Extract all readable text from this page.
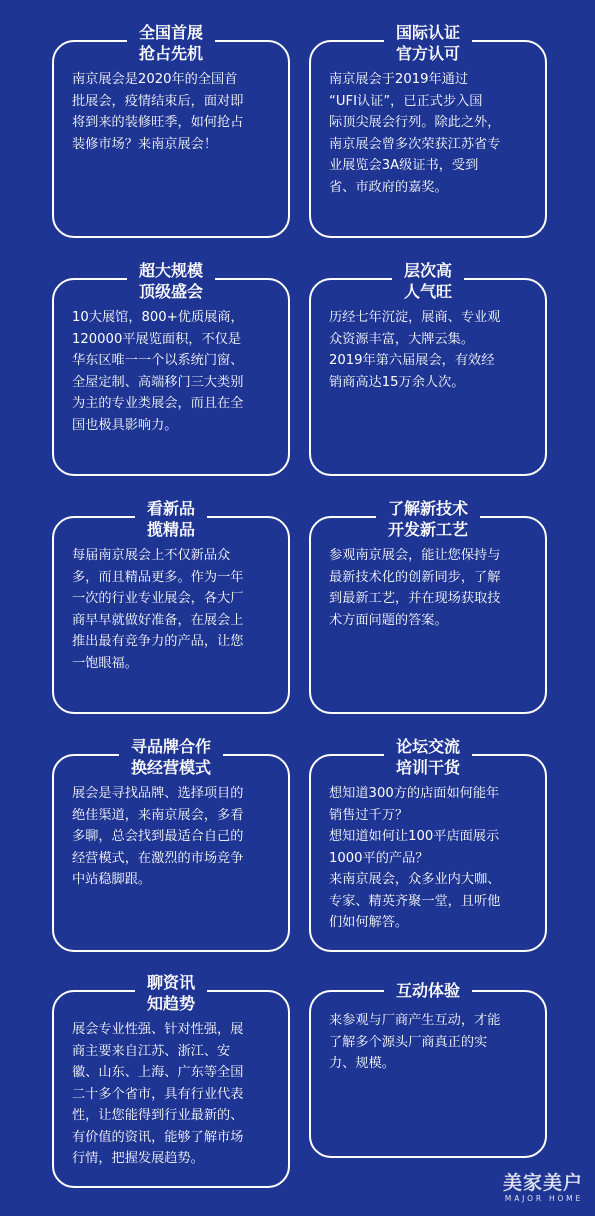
全国首展
抢占先机
南京展会是2020年的全国首
批展会，疫情结束后，面对即
将到来的装修旺季，如何抢占
装修市场？来南京展会！
国际认证
官方认可
南京展会于2019年通过
“UFI认证”，已正式步入国
际顶尖展会行列。除此之外，
南京展会曾多次荣获江苏省专
业展览会3A级证书，受到
省、市政府的嘉奖。
超大规模
顶级盛会
10大展馆，800+优质展商，
120000平展览面积，不仅是
华东区唯一一个以系统门窗、
全屋定制、高端移门三大类别
为主的专业类展会，而且在全
国也极具影响力。
层次高
人气旺
历经七年沉淀，展商、专业观
众资源丰富，大牌云集。
2019年第六届展会，有效经
销商高达15万余人次。
看新品
揽精品
每届南京展会上不仅新品众
多，而且精品更多。作为一年
一次的行业专业展会，各大厂
商早早就做好准备，在展会上
推出最有竞争力的产品，让您
一饱眼福。
了解新技术
开发新工艺
参观南京展会，能让您保持与
最新技术化的创新同步，了解
到最新工艺，并在现场获取技
术方面问题的答案。
寻品牌合作
换经营模式
展会是寻找品牌、选择项目的
绝佳渠道，来南京展会，多看
多聊，总会找到最适合自己的
经营模式，在激烈的市场竞争
中站稳脚跟。
论坛交流
培训干货
想知道300方的店面如何能年
销售过千万？
想知道如何让100平店面展示
1000平的产品？
来南京展会，众多业内大咖、
专家、精英齐聚一堂，且听他
们如何解答。
聊资讯
知趋势
展会专业性强、针对性强，展
商主要来自江苏、浙江、安
徽、山东、上海、广东等全国
二十多个省市，具有行业代表
性，让您能得到行业最新的、
有价值的资讯，能够了解市场
行情，把握发展趋势。
互动体验
来参观与厂商产生互动，才能
了解多个源头厂商真正的实
力、规模。
美家美户
MAJOR HOME
